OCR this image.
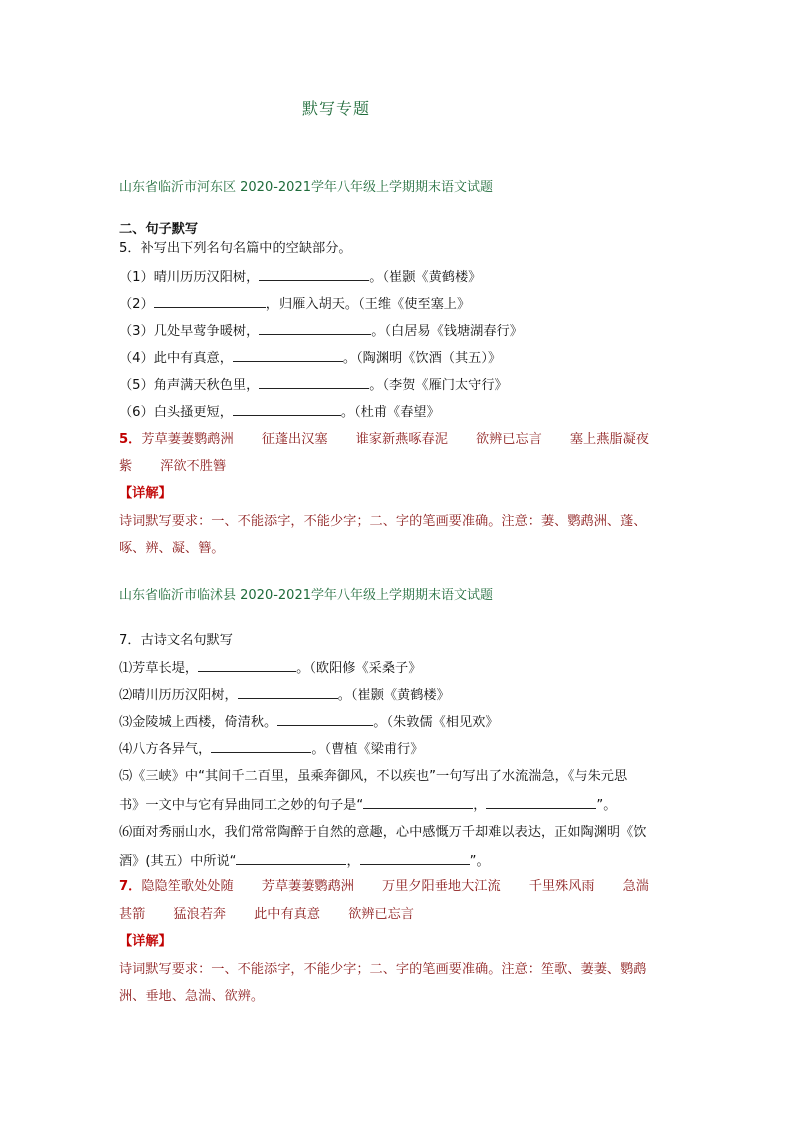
默写专题
山东省临沂市河东区 2020-2021学年八年级上学期期末语文试题
二、句子默写
5．补写出下列名句名篇中的空缺部分。
（1）晴川历历汉阳树，	。（崔颢《黄鹤楼》
（2）	，归雁入胡天。（王维《使至塞上》
（3）几处早莺争暖树，	。（白居易《钱塘湖春行》
（4）此中有真意，	。（陶渊明《饮酒（其五）》
（5）角声满天秋色里，	。（李贺《雁门太守行》
（6）白头搔更短，	。（杜甫《春望》
5．芳草萋萋鹦鹉洲 征蓬出汉塞 谁家新燕啄春泥 欲辨已忘言 塞上燕脂凝夜
紫 浑欲不胜簪
【详解】
诗词默写要求：一、不能添字，不能少字；二、字的笔画要准确。注意：萋、鹦鹉洲、蓬、
啄、辨、凝、簪。
山东省临沂市临沭县 2020-2021学年八年级上学期期末语文试题
7．古诗文名句默写
⑴芳草长堤，	。（欧阳修《采桑子》
⑵晴川历历汉阳树，	。（崔颢《黄鹤楼》
⑶金陵城上西楼，倚清秋。	。（朱敦儒《相见欢》
⑷八方各异气，	。（曹植《梁甫行》
⑸《三峡》中“其间千二百里，虽乘奔御风，不以疾也”一句写出了水流湍急，《与朱元思
书》一文中与它有异曲同工之妙的句子是“	，	”。
⑹面对秀丽山水，我们常常陶醉于自然的意趣，心中感慨万千却难以表达，正如陶渊明《饮
酒》(其五）中所说“	，	”。
7．隐隐笙歌处处随 芳草萋萋鹦鹉洲 万里夕阳垂地大江流 千里殊风雨 急湍
甚箭 猛浪若奔 此中有真意 欲辨已忘言
【详解】
诗词默写要求：一、不能添字，不能少字；二、字的笔画要准确。注意：笙歌、萋萋、鹦鹉
洲、垂地、急湍、欲辨。
